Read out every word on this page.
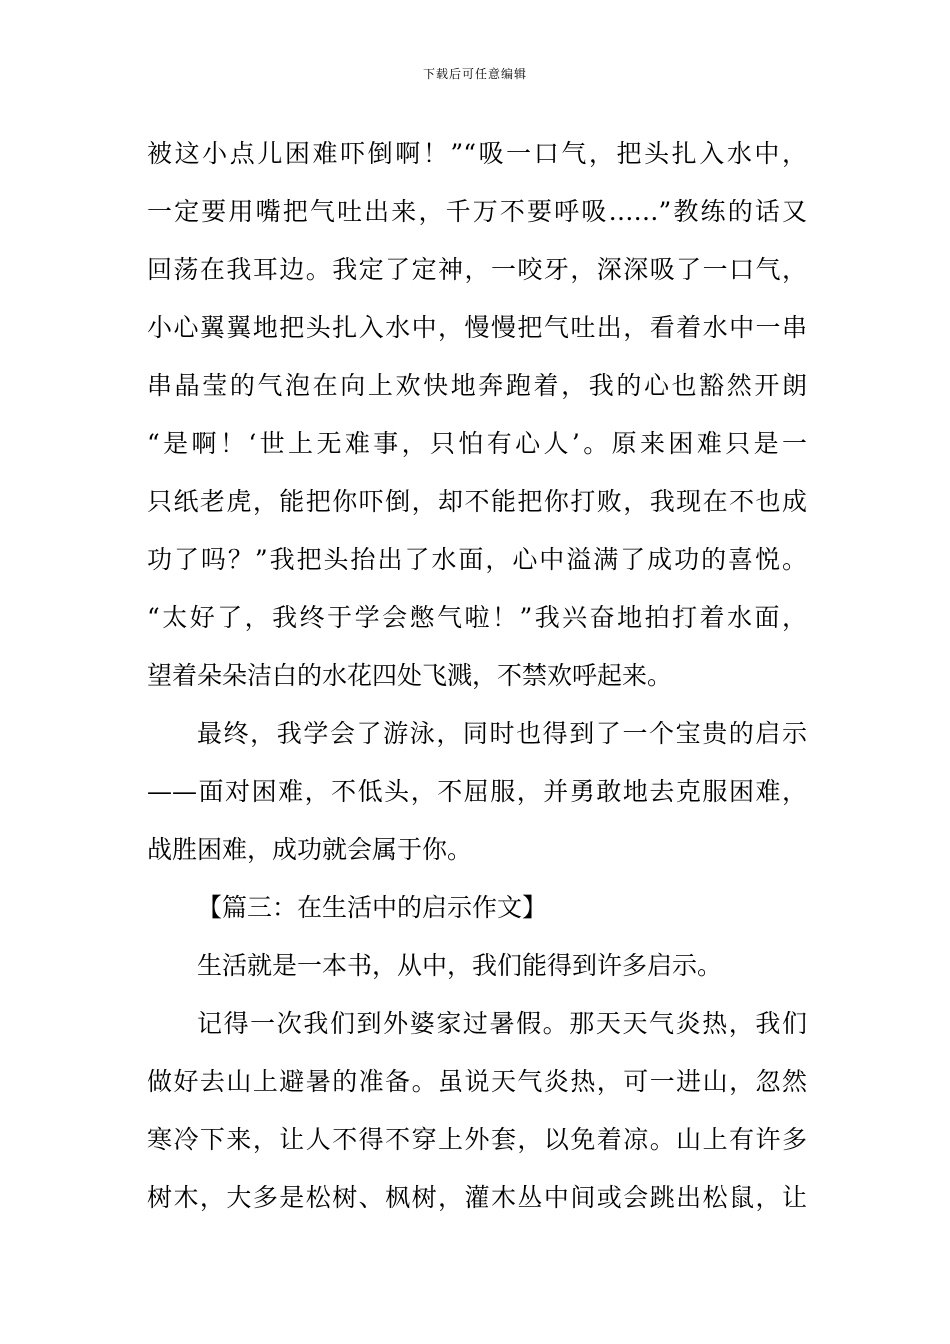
下载后可任意编辑
被这小点儿困难吓倒啊！”“吸一口气，把头扎入水中，
一定要用嘴把气吐出来，千万不要呼吸……”教练的话又
回荡在我耳边。我定了定神，一咬牙，深深吸了一口气，
小心翼翼地把头扎入水中，慢慢把气吐出，看着水中一串
串晶莹的气泡在向上欢快地奔跑着，我的心也豁然开朗
“是啊！‘世上无难事，只怕有心人’。原来困难只是一
只纸老虎，能把你吓倒，却不能把你打败，我现在不也成
功了吗？”我把头抬出了水面，心中溢满了成功的喜悦。
“太好了，我终于学会憋气啦！”我兴奋地拍打着水面，
望着朵朵洁白的水花四处飞溅，不禁欢呼起来。
最终，我学会了游泳，同时也得到了一个宝贵的启示
——面对困难，不低头，不屈服，并勇敢地去克服困难，
战胜困难，成功就会属于你。
【篇三：在生活中的启示作文】
生活就是一本书，从中，我们能得到许多启示。
记得一次我们到外婆家过暑假。那天天气炎热，我们
做好去山上避暑的准备。虽说天气炎热，可一进山，忽然
寒冷下来，让人不得不穿上外套，以免着凉。山上有许多
树木，大多是松树、枫树，灌木丛中间或会跳出松鼠，让
